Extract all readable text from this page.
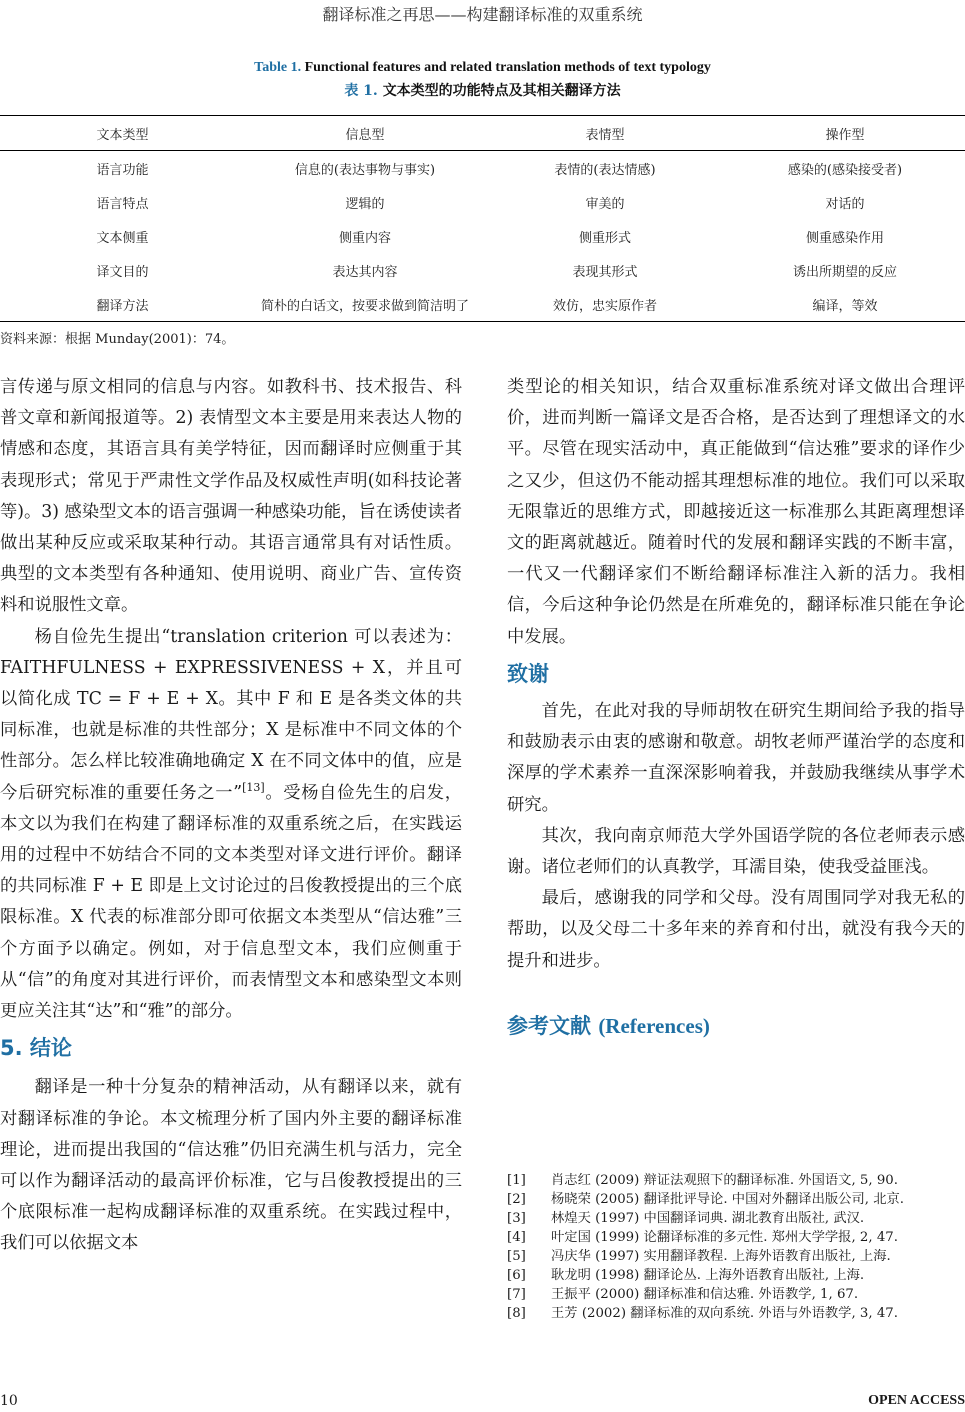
翻译标准之再思——构建翻译标准的双重系统
Table 1. Functional features and related translation methods of text typology
表 1. 文本类型的功能特点及其相关翻译方法
文本类型	信息型	表情型	操作型
语言功能	信息的(表达事物与事实)	表情的(表达情感)	感染的(感染接受者)
语言特点	逻辑的	审美的	对话的
文本侧重	侧重内容	侧重形式	侧重感染作用
译文目的	表达其内容	表现其形式	诱出所期望的反应
翻译方法	简朴的白话文，按要求做到简洁明了	效仿，忠实原作者	编译，等效
资料来源：根据 Munday(2001)：74。

言传递与原文相同的信息与内容。如教科书、技术报告、科普文章和新闻报道等。2) 表情型文本主要是用来表达人物的情感和态度，其语言具有美学特征，因而翻译时应侧重于其表现形式；常见于严肃性文学作品及权威性声明(如科技论著等)。3) 感染型文本的语言强调一种感染功能，旨在诱使读者做出某种反应或采取某种行动。其语言通常具有对话性质。典型的文本类型有各种通知、使用说明、商业广告、宣传资料和说服性文章。

杨自俭先生提出“translation criterion 可以表述为：FAITHFULNESS + EXPRESSIVENESS + X，并且可以简化成 TC = F + E + X。其中 F 和 E 是各类文体的共同标准，也就是标准的共性部分；X 是标准中不同文体的个性部分。怎么样比较准确地确定 X 在不同文体中的值，应是今后研究标准的重要任务之一”[13]。受杨自俭先生的启发，本文以为我们在构建了翻译标准的双重系统之后，在实践运用的过程中不妨结合不同的文本类型对译文进行评价。翻译的共同标准 F + E 即是上文讨论过的吕俊教授提出的三个底限标准。X 代表的标准部分即可依据文本类型从“信达雅”三个方面予以确定。例如，对于信息型文本，我们应侧重于从“信”的角度对其进行评价，而表情型文本和感染型文本则更应关注其“达”和“雅”的部分。

5. 结论

翻译是一种十分复杂的精神活动，从有翻译以来，就有对翻译标准的争论。本文梳理分析了国内外主要的翻译标准理论，进而提出我国的“信达雅”仍旧充满生机与活力，完全可以作为翻译活动的最高评价标准，它与吕俊教授提出的三个底限标准一起构成翻译标准的双重系统。在实践过程中，我们可以依据文本

类型论的相关知识，结合双重标准系统对译文做出合理评价，进而判断一篇译文是否合格，是否达到了理想译文的水平。尽管在现实活动中，真正能做到“信达雅”要求的译作少之又少，但这仍不能动摇其理想标准的地位。我们可以采取无限靠近的思维方式，即越接近这一标准那么其距离理想译文的距离就越近。随着时代的发展和翻译实践的不断丰富，一代又一代翻译家们不断给翻译标准注入新的活力。我相信，今后这种争论仍然是在所难免的，翻译标准只能在争论中发展。

致谢

首先，在此对我的导师胡牧在研究生期间给予我的指导和鼓励表示由衷的感谢和敬意。胡牧老师严谨治学的态度和深厚的学术素养一直深深影响着我，并鼓励我继续从事学术研究。

其次，我向南京师范大学外国语学院的各位老师表示感谢。诸位老师们的认真教学，耳濡目染，使我受益匪浅。

最后，感谢我的同学和父母。没有周围同学对我无私的帮助，以及父母二十多年来的养育和付出，就没有我今天的提升和进步。

参考文献 (References)
[1]	肖志红 (2009) 辩证法观照下的翻译标准. 外国语文, 5, 90.
[2]	杨晓荣 (2005) 翻译批评导论. 中国对外翻译出版公司, 北京.
[3]	林煌天 (1997) 中国翻译词典. 湖北教育出版社, 武汉.
[4]	叶定国 (1999) 论翻译标准的多元性. 郑州大学学报, 2, 47.
[5]	冯庆华 (1997) 实用翻译教程. 上海外语教育出版社, 上海.
[6]	耿龙明 (1998) 翻译论丛. 上海外语教育出版社, 上海.
[7]	王振平 (2000) 翻译标准和信达雅. 外语教学, 1, 67.
[8]	王芳 (2002) 翻译标准的双向系统. 外语与外语教学, 3, 47.
10	OPEN ACCESS
